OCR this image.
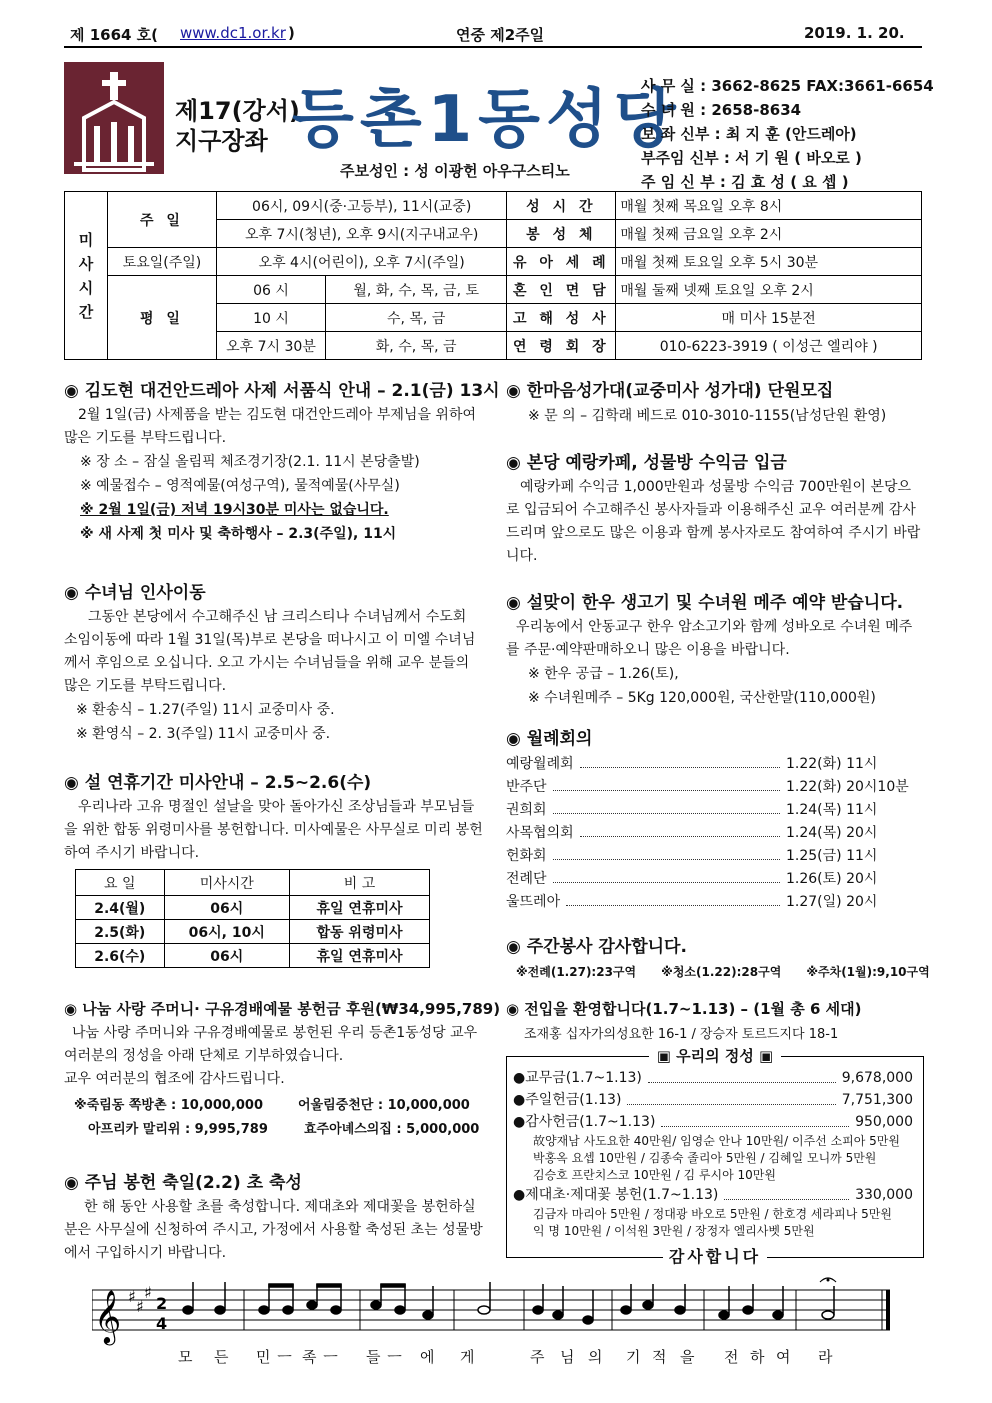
제 1664 호( www.dc1.or.kr )	연중 제2주일	2019. 1. 20.
제17(강서)
지구장좌 등촌1동성당
주보성인 : 성 이광헌 아우구스티노
사 무 실 : 3662-8625 FAX:3661-6654
수 녀 원 : 2658-8634
보 좌 신부 : 최 지 훈 (안드레아)
부주임 신부 : 서 기 원 ( 바오로 )
주 임 신 부 : 김 효 성 ( 요 셉 )
미
사
시
간	주 일	06시, 09시(중·고등부), 11시(교중)		성 시 간	매월 첫째 목요일 오후 8시
		오후 7시(청년), 오후 9시(지구내교우)		봉 성 체	매월 첫째 금요일 오후 2시
	토요일(주일)	오후 4시(어린이), 오후 7시(주일)		유 아 세 례	매월 첫째 토요일 오후 5시 30분
	평 일	06 시	월, 화, 수, 목, 금, 토	혼 인 면 담	매월 둘째 넷째 토요일 오후 2시
		10 시	수, 목, 금	고 해 성 사	매 미사 15분전
		오후 7시 30분	화, 수, 목, 금	연 령 회 장	010-6223-3919 ( 이성근 엘리야 )
◉ 김도현 대건안드레아 사제 서품식 안내 – 2.1(금) 13시
2월 1일(금) 사제품을 받는 김도현 대건안드레아 부제님을 위하여 많은 기도를 부탁드립니다.
※ 장 소 – 잠실 올림픽 체조경기장(2.1. 11시 본당출발)
※ 예물접수 – 영적예물(여성구역), 물적예물(사무실)
※ 2월 1일(금) 저녁 19시30분 미사는 없습니다.
※ 새 사제 첫 미사 및 축하행사 – 2.3(주일), 11시
◉ 수녀님 인사이동
그동안 본당에서 수고해주신 남 크리스티나 수녀님께서 수도회 소임이동에 따라 1월 31일(목)부로 본당을 떠나시고 이 미엘 수녀님께서 후임으로 오십니다. 오고 가시는 수녀님들을 위해 교우 분들의 많은 기도를 부탁드립니다.
※ 환송식 – 1.27(주일) 11시 교중미사 중.
※ 환영식 – 2. 3(주일) 11시 교중미사 중.
◉ 설 연휴기간 미사안내 – 2.5~2.6(수)
우리나라 고유 명절인 설날을 맞아 돌아가신 조상님들과 부모님들을 위한 합동 위령미사를 봉헌합니다. 미사예물은 사무실로 미리 봉헌하여 주시기 바랍니다.
요 일	미사시간	비 고
2.4(월)	06시	휴일 연휴미사
2.5(화)	06시, 10시	합동 위령미사
2.6(수)	06시	휴일 연휴미사
◉ 나눔 사랑 주머니· 구유경배예물 봉헌금 후원(₩34,995,789)
나눔 사랑 주머니와 구유경배예물로 봉헌된 우리 등촌1동성당 교우 여러분의 정성을 아래 단체로 기부하였습니다.
교우 여러분의 협조에 감사드립니다.
※죽림동 쪽방촌 : 10,000,000	어울림중천단 : 10,000,000
아프리카 말리위 : 9,995,789	효주아녜스의집 : 5,000,000
◉ 주님 봉헌 축일(2.2) 초 축성
한 해 동안 사용할 초를 축성합니다. 제대초와 제대꽃을 봉헌하실 분은 사무실에 신청하여 주시고, 가정에서 사용할 축성된 초는 성물방에서 구입하시기 바랍니다.
◉ 한마음성가대(교중미사 성가대) 단원모집
※ 문 의 – 김학래 베드로 010-3010-1155(남성단원 환영)
◉ 본당 예랑카페, 성물방 수익금 입금
예랑카페 수익금 1,000만원과 성물방 수익금 700만원이 본당으로 입금되어 수고해주신 봉사자들과 이용해주신 교우 여러분께 감사드리며 앞으로도 많은 이용과 함께 봉사자로도 참여하여 주시기 바랍니다.
◉ 설맞이 한우 생고기 및 수녀원 메주 예약 받습니다.
우리농에서 안동교구 한우 암소고기와 함께 성바오로 수녀원 메주를 주문·예약판매하오니 많은 이용을 바랍니다.
※ 한우 공급 – 1.26(토),
※ 수녀원메주 – 5Kg 120,000원, 국산한말(110,000원)
◉ 월례회의
예랑월례회	1.22(화) 11시
반주단	1.22(화) 20시10분
권희회	1.24(목) 11시
사목협의회	1.24(목) 20시
헌화회	1.25(금) 11시
전례단	1.26(토) 20시
울뜨레아	1.27(일) 20시
◉ 주간봉사 감사합니다.
※전례(1.27):23구역      ※청소(1.22):28구역      ※주차(1월):9,10구역
◉ 전입을 환영합니다(1.7~1.13) – (1월 총 6 세대)
조재홍 십자가의성요한 16-1 / 장승자 토르드지다 18-1
▣ 우리의 정성 ▣
●교무금(1.7~1.13)	9,678,000
●주일헌금(1.13)	7,751,300
●감사헌금(1.7~1.13)	950,000
故양재남 사도요한 40만원/ 임영순 안나 10만원/ 이주선 소피아 5만원
박홍옥 요셉 10만원 / 김종숙 졸리아 5만원 / 김혜일 모니까 5만원
김승호 프란치스코 10만원 / 김 루시아 10만원
●제대초·제대꽃 봉헌(1.7~1.13)	330,000
김금자 마리아 5만원 / 정대광 바오로 5만원 / 한호경 세라피나 5만원
익 명 10만원 / 이석원 3만원 / 장정자 엘리사벳 5만원
감사합니다
𝄞 ♯
♯
♯
2
4
모 든 민 ㅡ 족 ㅡ 들 ㅡ 에 게	주 님 의 기 적 을 전 하 여 라
